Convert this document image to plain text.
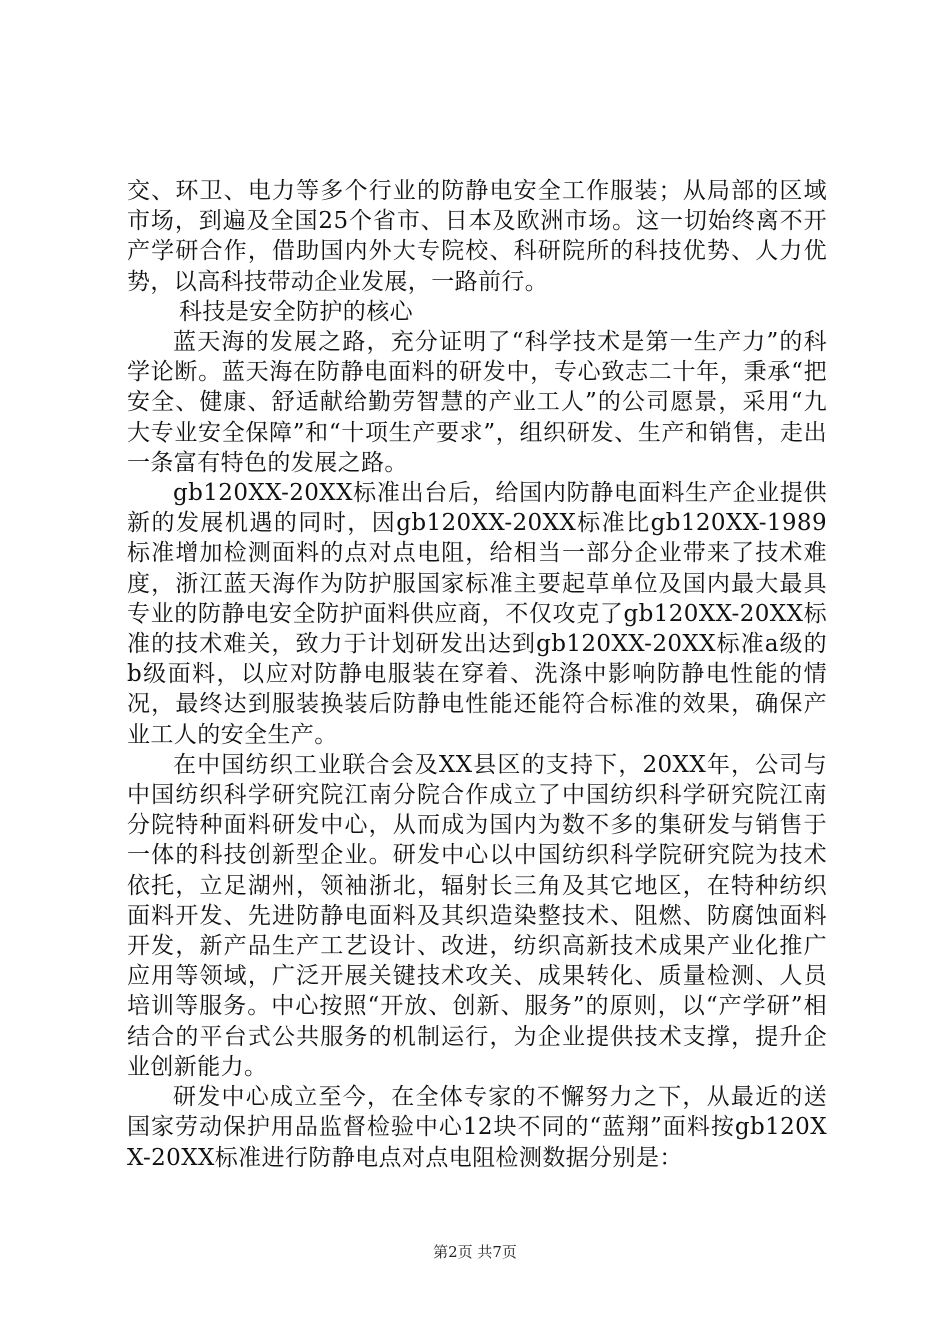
交、环卫、电力等多个行业的防静电安全工作服装；从局部的区域市场，到遍及全国25个省市、日本及欧洲市场。这一切始终离不开产学研合作，借助国内外大专院校、科研院所的科技优势、人力优势，以高科技带动企业发展，一路前行。

科技是安全防护的核心

蓝天海的发展之路，充分证明了“科学技术是第一生产力”的科学论断。蓝天海在防静电面料的研发中，专心致志二十年，秉承“把安全、健康、舒适献给勤劳智慧的产业工人”的公司愿景，采用“九大专业安全保障”和“十项生产要求”，组织研发、生产和销售，走出一条富有特色的发展之路。

gb120XX-20XX标准出台后，给国内防静电面料生产企业提供新的发展机遇的同时，因gb120XX-20XX标准比gb120XX-1989标准增加检测面料的点对点电阻，给相当一部分企业带来了技术难度，浙江蓝天海作为防护服国家标准主要起草单位及国内最大最具专业的防静电安全防护面料供应商，不仅攻克了gb120XX-20XX标准的技术难关，致力于计划研发出达到gb120XX-20XX标准a级的b级面料，以应对防静电服装在穿着、洗涤中影响防静电性能的情况，最终达到服装换装后防静电性能还能符合标准的效果，确保产业工人的安全生产。

在中国纺织工业联合会及XX县区的支持下，20XX年，公司与中国纺织科学研究院江南分院合作成立了中国纺织科学研究院江南分院特种面料研发中心，从而成为国内为数不多的集研发与销售于一体的科技创新型企业。研发中心以中国纺织科学院研究院为技术依托，立足湖州，领袖浙北，辐射长三角及其它地区，在特种纺织面料开发、先进防静电面料及其织造染整技术、阻燃、防腐蚀面料开发，新产品生产工艺设计、改进，纺织高新技术成果产业化推广应用等领域，广泛开展关键技术攻关、成果转化、质量检测、人员培训等服务。中心按照“开放、创新、服务”的原则，以“产学研”相结合的平台式公共服务的机制运行，为企业提供技术支撑，提升企业创新能力。

研发中心成立至今，在全体专家的不懈努力之下，从最近的送国家劳动保护用品监督检验中心12块不同的“蓝翔”面料按gb120XX-20XX标准进行防静电点对点电阻检测数据分别是：

第2页 共7页
